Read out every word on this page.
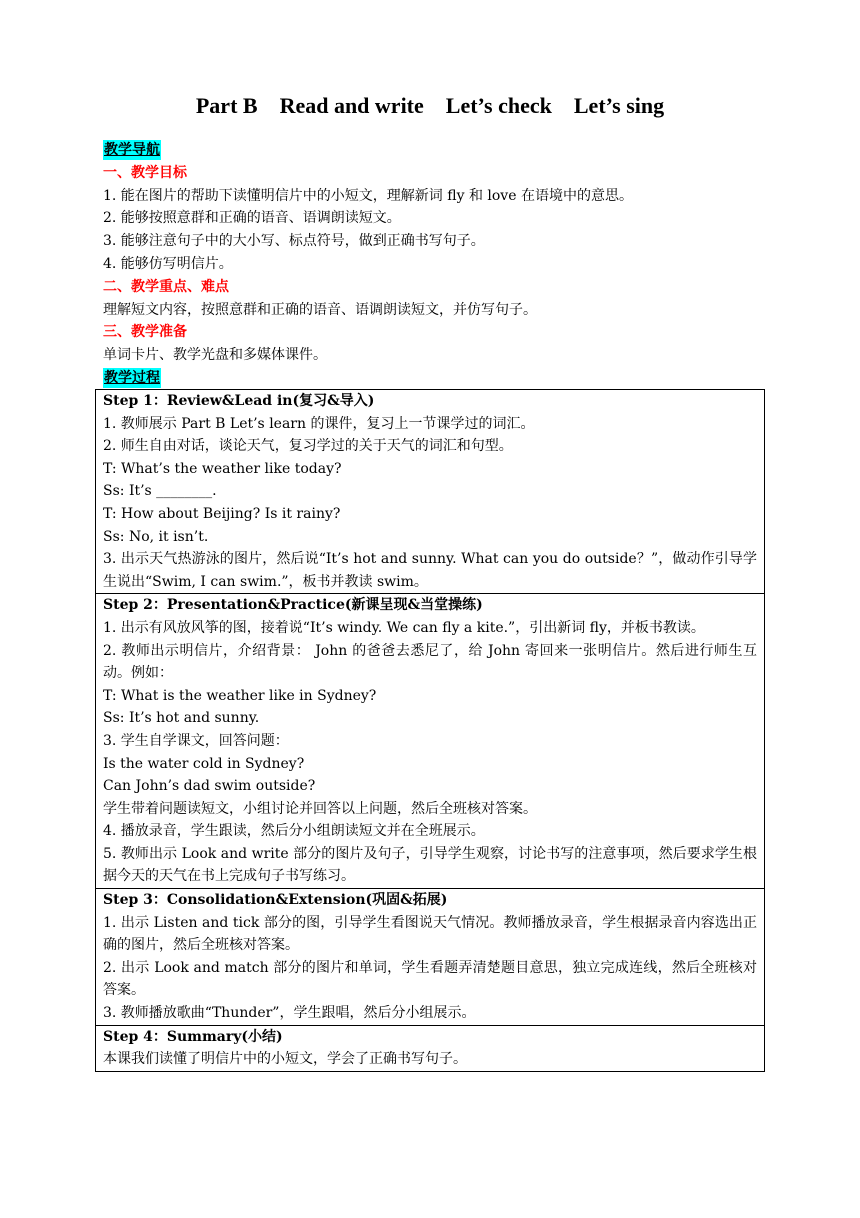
Part B    Read and write    Let’s check    Let’s sing
教学导航
一、教学目标
1. 能在图片的帮助下读懂明信片中的小短文，理解新词 fly 和 love 在语境中的意思。
2. 能够按照意群和正确的语音、语调朗读短文。
3. 能够注意句子中的大小写、标点符号，做到正确书写句子。
4. 能够仿写明信片。
二、教学重点、难点
理解短文内容，按照意群和正确的语音、语调朗读短文，并仿写句子。
三、教学准备
单词卡片、教学光盘和多媒体课件。
教学过程
Step 1：Review&Lead in(复习&导入)
1. 教师展示 Part B Let’s learn 的课件，复习上一节课学过的词汇。
2. 师生自由对话，谈论天气，复习学过的关于天气的词汇和句型。
T: What’s the weather like today?
Ss: It’s ________.
T: How about Beijing? Is it rainy?
Ss: No, it isn’t.
3. 出示天气热游泳的图片，然后说“It’s hot and sunny. What can you do outside？”，做动作引导学生说出“Swim, I can swim.”，板书并教读 swim。

Step 2：Presentation&Practice(新课呈现&当堂操练)
1. 出示有风放风筝的图，接着说“It’s windy. We can fly a kite.”，引出新词 fly，并板书教读。
2. 教师出示明信片，介绍背景： John 的爸爸去悉尼了，给 John 寄回来一张明信片。然后进行师生互动。例如：
T: What is the weather like in Sydney?
Ss: It’s hot and sunny.
3. 学生自学课文，回答问题：
Is the water cold in Sydney?
Can John’s dad swim outside?
学生带着问题读短文，小组讨论并回答以上问题，然后全班核对答案。
4. 播放录音，学生跟读，然后分小组朗读短文并在全班展示。
5. 教师出示 Look and write 部分的图片及句子，引导学生观察，讨论书写的注意事项，然后要求学生根据今天的天气在书上完成句子书写练习。

Step 3：Consolidation&Extension(巩固&拓展)
1. 出示 Listen and tick 部分的图，引导学生看图说天气情况。教师播放录音，学生根据录音内容选出正确的图片，然后全班核对答案。
2. 出示 Look and match 部分的图片和单词，学生看题弄清楚题目意思，独立完成连线，然后全班核对答案。
3. 教师播放歌曲“Thunder”，学生跟唱，然后分小组展示。

Step 4：Summary(小结)
本课我们读懂了明信片中的小短文，学会了正确书写句子。
